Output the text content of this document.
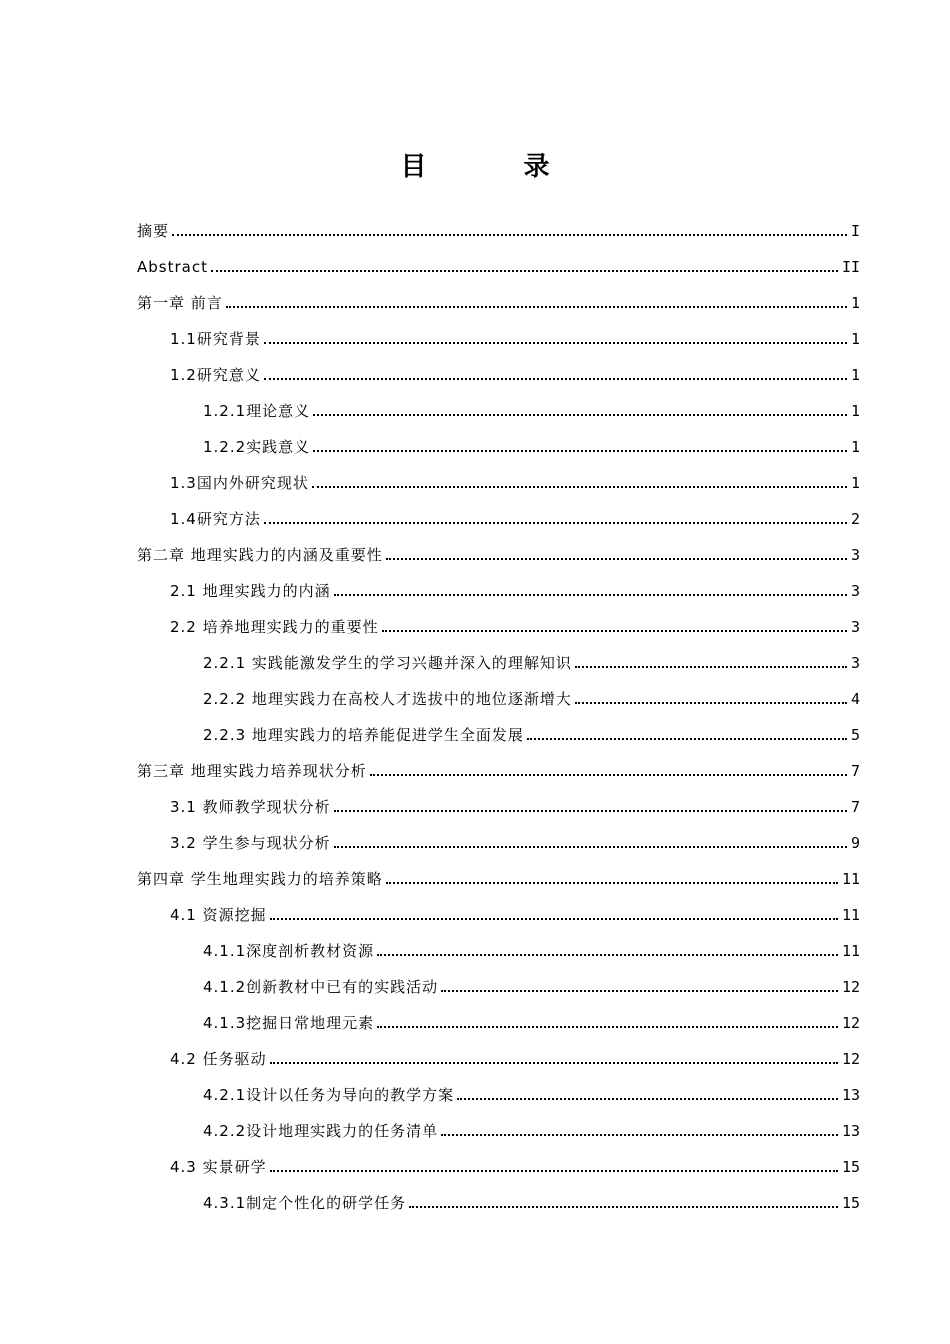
目 录
摘要	I
Abstract	II
第一章 前言	1
1.1研究背景	1
1.2研究意义	1
1.2.1理论意义	1
1.2.2实践意义	1
1.3国内外研究现状	1
1.4研究方法	2
第二章 地理实践力的内涵及重要性	3
2.1 地理实践力的内涵	3
2.2 培养地理实践力的重要性	3
2.2.1 实践能激发学生的学习兴趣并深入的理解知识	3
2.2.2 地理实践力在高校人才选拔中的地位逐渐增大	4
2.2.3 地理实践力的培养能促进学生全面发展	5
第三章 地理实践力培养现状分析	7
3.1 教师教学现状分析	7
3.2 学生参与现状分析	9
第四章 学生地理实践力的培养策略	11
4.1 资源挖掘	11
4.1.1深度剖析教材资源	11
4.1.2创新教材中已有的实践活动	12
4.1.3挖掘日常地理元素	12
4.2 任务驱动	12
4.2.1设计以任务为导向的教学方案	13
4.2.2设计地理实践力的任务清单	13
4.3 实景研学	15
4.3.1制定个性化的研学任务	15
